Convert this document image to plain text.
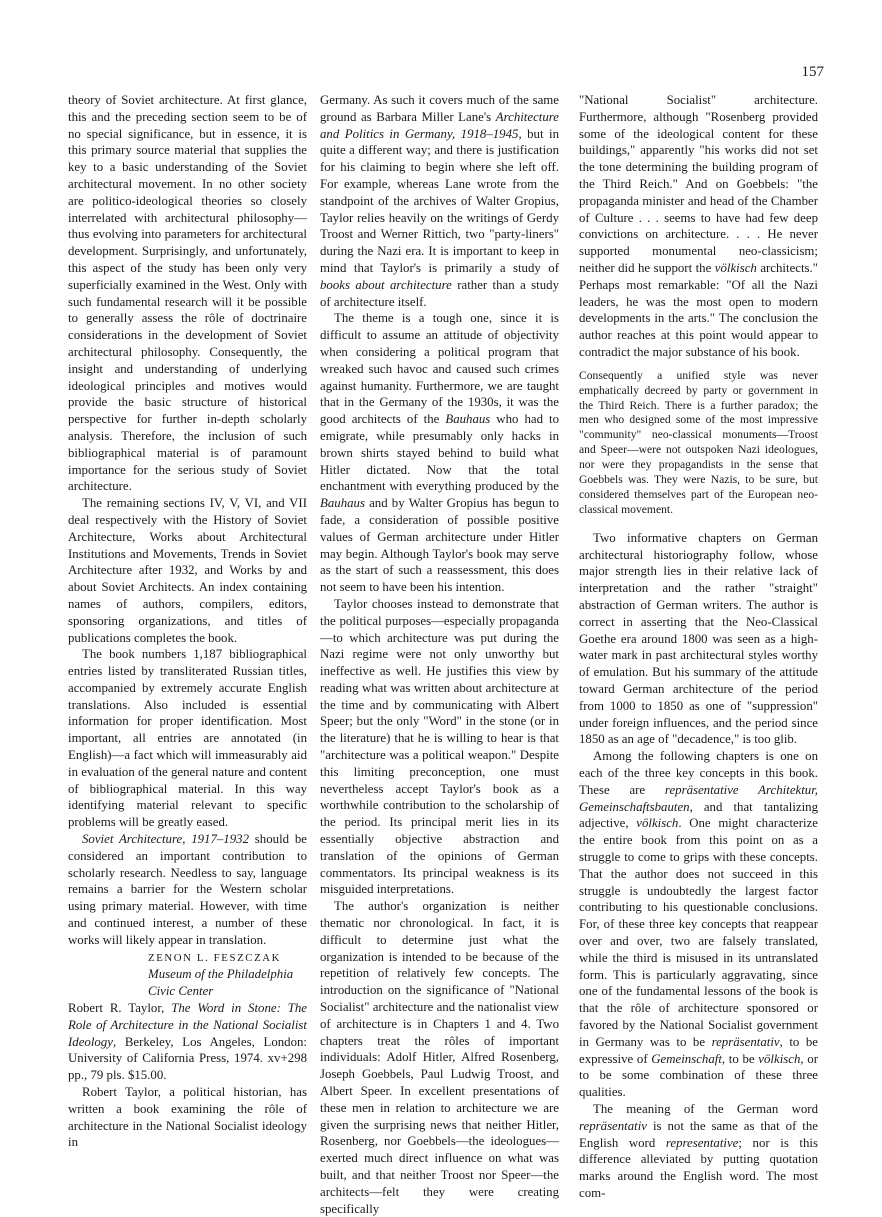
157

theory of Soviet architecture. At first glance, this and the preceding section seem to be of no special significance, but in essence, it is this primary source material that supplies the key to a basic understanding of the Soviet architectural movement. In no other society are politico-ideological theories so closely interrelated with architectural philosophy—thus evolving into parameters for architectural development. Surprisingly, and unfortunately, this aspect of the study has been only very superficially examined in the West. Only with such fundamental research will it be possible to generally assess the rôle of doctrinaire considerations in the development of Soviet architectural philosophy. Consequently, the insight and understanding of underlying ideological principles and motives would provide the basic structure of historical perspective for further in-depth scholarly analysis. Therefore, the inclusion of such bibliographical material is of paramount importance for the serious study of Soviet architecture.

The remaining sections IV, V, VI, and VII deal respectively with the History of Soviet Architecture, Works about Architectural Institutions and Movements, Trends in Soviet Architecture after 1932, and Works by and about Soviet Architects. An index containing names of authors, compilers, editors, sponsoring organizations, and titles of publications completes the book.

The book numbers 1,187 bibliographical entries listed by transliterated Russian titles, accompanied by extremely accurate English translations. Also included is essential information for proper identification. Most important, all entries are annotated (in English)—a fact which will immeasurably aid in evaluation of the general nature and content of bibliographical material. In this way identifying material relevant to specific problems will be greatly eased.

Soviet Architecture, 1917–1932 should be considered an important contribution to scholarly research. Needless to say, language remains a barrier for the Western scholar using primary material. However, with time and continued interest, a number of these works will likely appear in translation.

ZENON L. FESZCZAK
Museum of the Philadelphia
Civic Center

Robert R. Taylor, The Word in Stone: The Role of Architecture in the National Socialist Ideology, Berkeley, Los Angeles, London: University of California Press, 1974. xv+298 pp., 79 pls. $15.00.

Robert Taylor, a political historian, has written a book examining the rôle of architecture in the National Socialist ideology in

Germany. As such it covers much of the same ground as Barbara Miller Lane's Architecture and Politics in Germany, 1918–1945, but in quite a different way; and there is justification for his claiming to begin where she left off. For example, whereas Lane wrote from the standpoint of the archives of Walter Gropius, Taylor relies heavily on the writings of Gerdy Troost and Werner Rittich, two "party-liners" during the Nazi era. It is important to keep in mind that Taylor's is primarily a study of books about architecture rather than a study of architecture itself.

The theme is a tough one, since it is difficult to assume an attitude of objectivity when considering a political program that wreaked such havoc and caused such crimes against humanity. Furthermore, we are taught that in the Germany of the 1930s, it was the good architects of the Bauhaus who had to emigrate, while presumably only hacks in brown shirts stayed behind to build what Hitler dictated. Now that the total enchantment with everything produced by the Bauhaus and by Walter Gropius has begun to fade, a consideration of possible positive values of German architecture under Hitler may begin. Although Taylor's book may serve as the start of such a reassessment, this does not seem to have been his intention.

Taylor chooses instead to demonstrate that the political purposes—especially propaganda—to which architecture was put during the Nazi regime were not only unworthy but ineffective as well. He justifies this view by reading what was written about architecture at the time and by communicating with Albert Speer; but the only "Word" in the stone (or in the literature) that he is willing to hear is that "architecture was a political weapon." Despite this limiting preconception, one must nevertheless accept Taylor's book as a worthwhile contribution to the scholarship of the period. Its principal merit lies in its essentially objective abstraction and translation of the opinions of German commentators. Its principal weakness is its misguided interpretations.

The author's organization is neither thematic nor chronological. In fact, it is difficult to determine just what the organization is intended to be because of the repetition of relatively few concepts. The introduction on the significance of "National Socialist" architecture and the nationalist view of architecture is in Chapters 1 and 4. Two chapters treat the rôles of important individuals: Adolf Hitler, Alfred Rosenberg, Joseph Goebbels, Paul Ludwig Troost, and Albert Speer. In excellent presentations of these men in relation to architecture we are given the surprising news that neither Hitler, Rosenberg, nor Goebbels—the ideologues—exerted much direct influence on what was built, and that neither Troost nor Speer—the architects—felt they were creating specifically

"National Socialist" architecture. Furthermore, although "Rosenberg provided some of the ideological content for these buildings," apparently "his works did not set the tone determining the building program of the Third Reich." And on Goebbels: "the propaganda minister and head of the Chamber of Culture . . . seems to have had few deep convictions on architecture. . . . He never supported monumental neo-classicism; neither did he support the völkisch architects." Perhaps most remarkable: "Of all the Nazi leaders, he was the most open to modern developments in the arts." The conclusion the author reaches at this point would appear to contradict the major substance of his book.

Consequently a unified style was never emphatically decreed by party or government in the Third Reich. There is a further paradox; the men who designed some of the most impressive "community" neo-classical monuments—Troost and Speer—were not outspoken Nazi ideologues, nor were they propagandists in the sense that Goebbels was. They were Nazis, to be sure, but considered themselves part of the European neo-classical movement.

Two informative chapters on German architectural historiography follow, whose major strength lies in their relative lack of interpretation and the rather "straight" abstraction of German writers. The author is correct in asserting that the Neo-Classical Goethe era around 1800 was seen as a high-water mark in past architectural styles worthy of emulation. But his summary of the attitude toward German architecture of the period from 1000 to 1850 as one of "suppression" under foreign influences, and the period since 1850 as an age of "decadence," is too glib.

Among the following chapters is one on each of the three key concepts in this book. These are repräsentative Architektur, Gemeinschaftsbauten, and that tantalizing adjective, völkisch. One might characterize the entire book from this point on as a struggle to come to grips with these concepts. That the author does not succeed in this struggle is undoubtedly the largest factor contributing to his questionable conclusions. For, of these three key concepts that reappear over and over, two are falsely translated, while the third is misused in its untranslated form. This is particularly aggravating, since one of the fundamental lessons of the book is that the rôle of architecture sponsored or favored by the National Socialist government in Germany was to be repräsentativ, to be expressive of Gemeinschaft, to be völkisch, or to be some combination of these three qualities.

The meaning of the German word repräsentativ is not the same as that of the English word representative; nor is this difference alleviated by putting quotation marks around the English word. The most com-
